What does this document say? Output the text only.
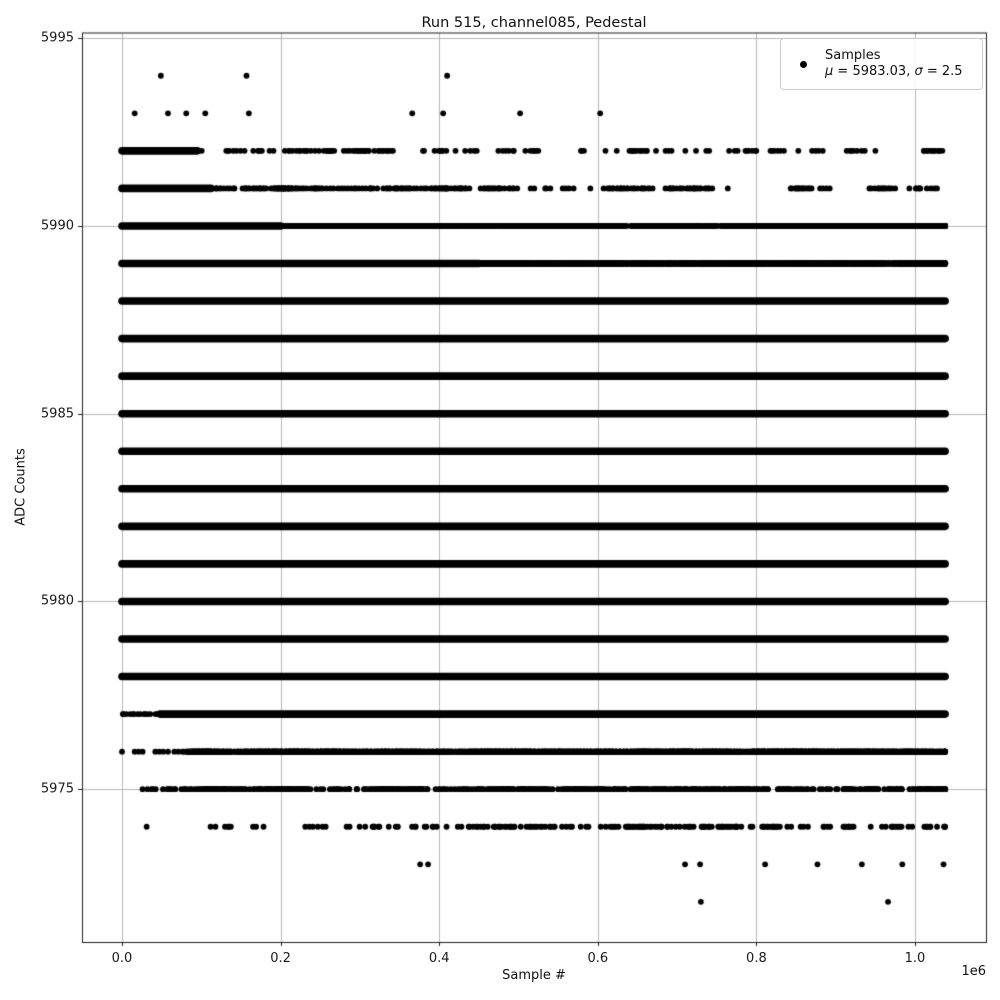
Run 515, channel085, Pedestal
Sample #
ADC Counts
1e6
0.0	0.2	0.4	0.6	0.8	1.0
5975
5980
5985
5990
5995
Samples
μ = 5983.03, σ = 2.5
